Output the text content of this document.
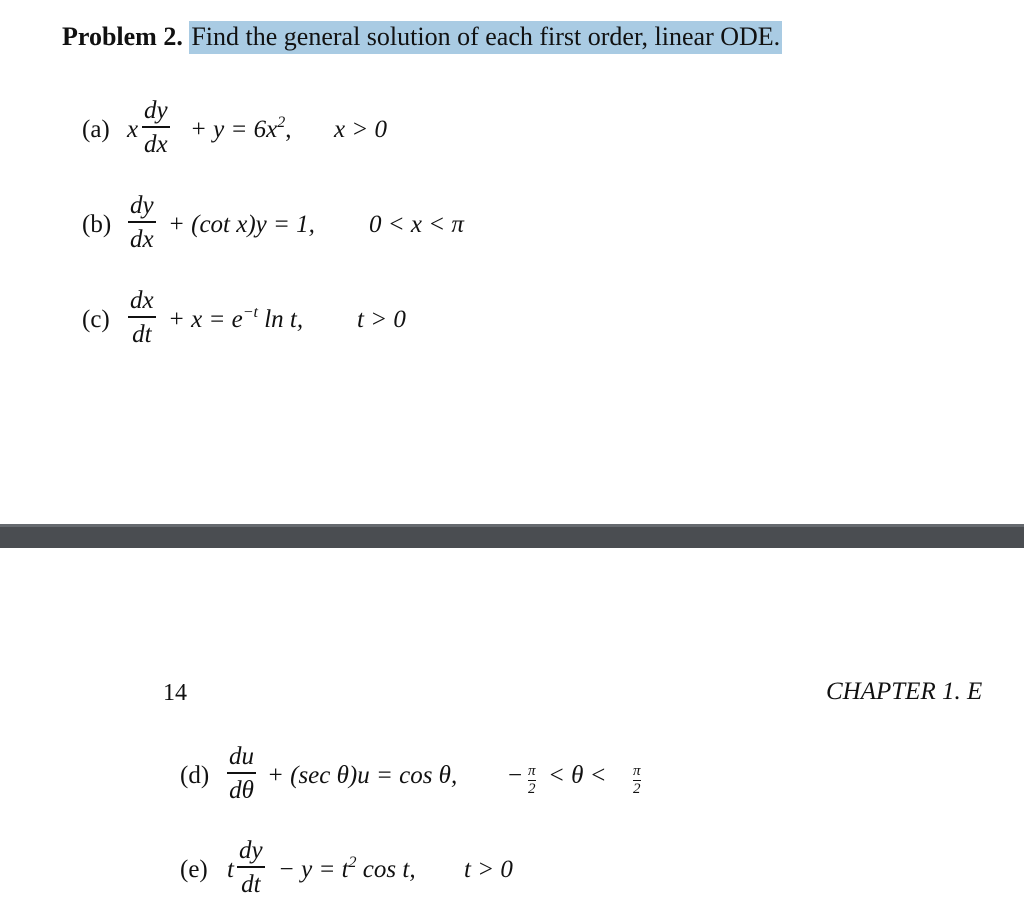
Problem 2. Find the general solution of each first order, linear ODE.
(a) x
dy
dx
+ $y = 6x^2$, x > 0
(b)
dy
dx
+ (cot x)y = 1, 0 < x < π
(c)
dx
dt
+ $x = e^{-t}$ ln t, t > 0
14	CHAPTER 1. E
(d)
du
dθ
+ (sec θ)u = cos θ, − π
2
< θ < π
2
(e) t
dy
dt
− $y = t^2$ cos t, t > 0
